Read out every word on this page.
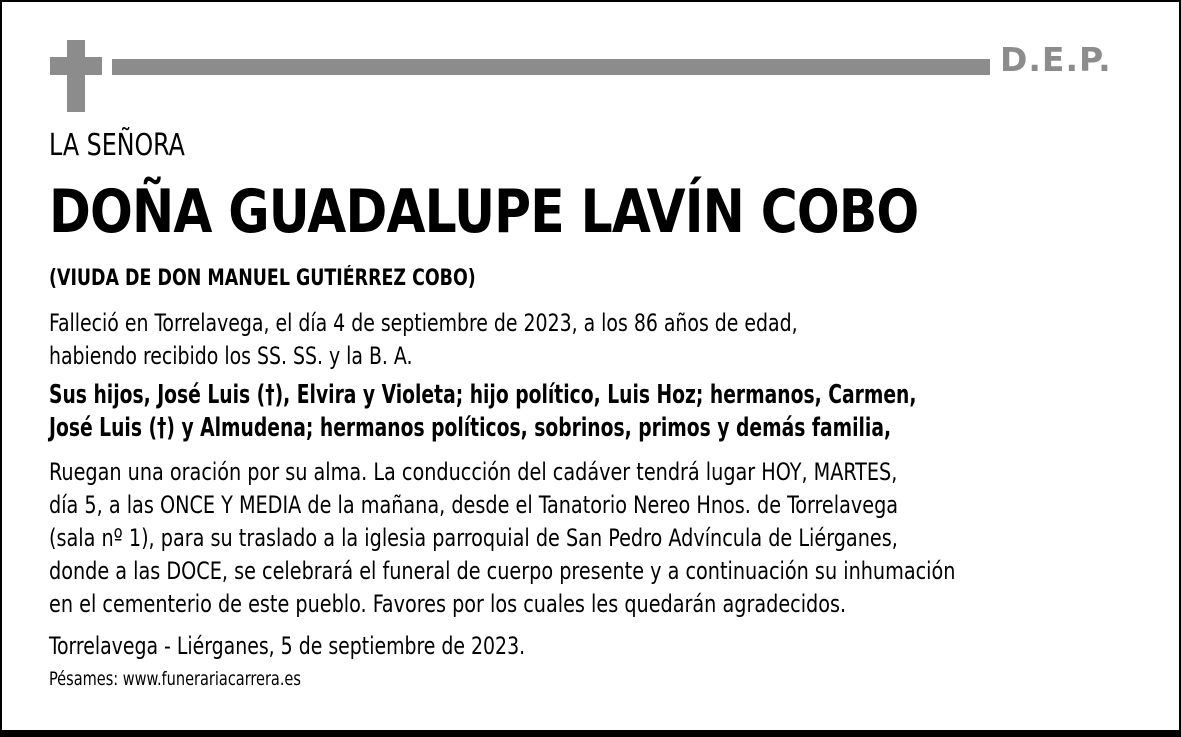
D.E.P.
LA SEÑORA
DOÑA GUADALUPE LAVÍN COBO
(VIUDA DE DON MANUEL GUTIÉRREZ COBO)
Falleció en Torrelavega, el día 4 de septiembre de 2023, a los 86 años de edad,
habiendo recibido los SS. SS. y la B. A.
Sus hijos, José Luis (†), Elvira y Violeta; hijo político, Luis Hoz; hermanos, Carmen,
José Luis (†) y Almudena; hermanos políticos, sobrinos, primos y demás familia,
Ruegan una oración por su alma. La conducción del cadáver tendrá lugar HOY, MARTES,
día 5, a las ONCE Y MEDIA de la mañana, desde el Tanatorio Nereo Hnos. de Torrelavega
(sala nº 1), para su traslado a la iglesia parroquial de San Pedro Advíncula de Liérganes,
donde a las DOCE, se celebrará el funeral de cuerpo presente y a continuación su inhumación
en el cementerio de este pueblo. Favores por los cuales les quedarán agradecidos.
Torrelavega - Liérganes, 5 de septiembre de 2023.
Pésames: www.funerariacarrera.es
